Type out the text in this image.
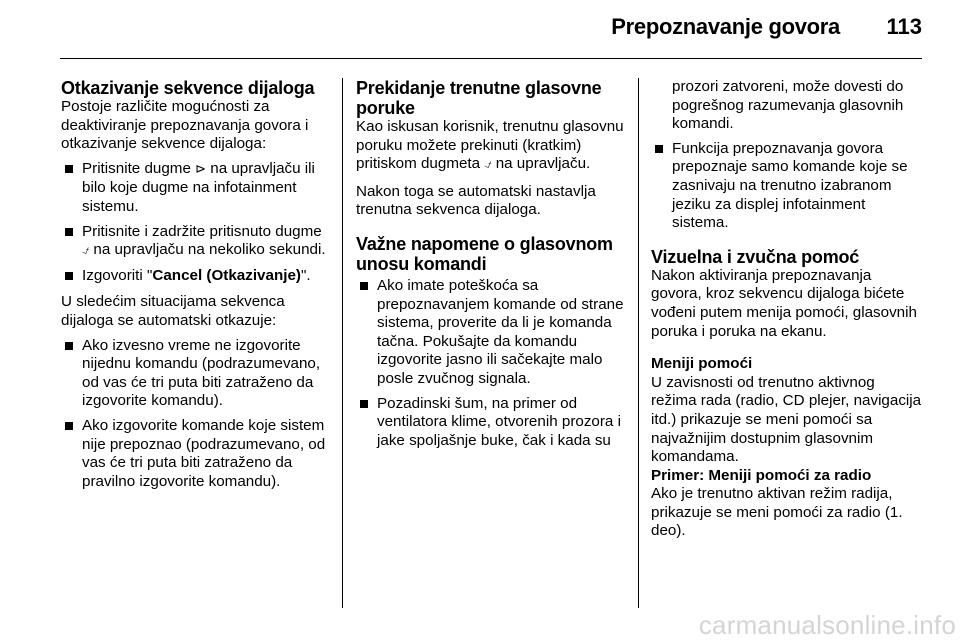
Prepoznavanje govora 113
Otkazivanje sekvence dijaloga

Postoje različite mogućnosti za deaktiviranje prepoznavanja govora i otkazivanje sekvence dijaloga:

Pritisnite dugme ⊳ na upravljaču ili bilo koje dugme na infotainment sistemu.
Pritisnite i zadržite pritisnuto dugme ⍻ na upravljaču na nekoliko sekundi.
Izgovoriti "Cancel (Otkazivanje)".

U sledećim situacijama sekvenca dijaloga se automatski otkazuje:

Ako izvesno vreme ne izgovorite nijednu komandu (podrazumevano, od vas će tri puta biti zatraženo da izgovorite komandu).
Ako izgovorite komande koje sistem nije prepoznao (podrazumevano, od vas će tri puta biti zatraženo da pravilno izgovorite komandu).
Prekidanje trenutne glasovne poruke

Kao iskusan korisnik, trenutnu glasovnu poruku možete prekinuti (kratkim) pritiskom dugmeta ⍻ na upravljaču.

Nakon toga se automatski nastavlja trenutna sekvenca dijaloga.

Važne napomene o glasovnom unosu komandi
Ako imate poteškoća sa prepoznavanjem komande od strane sistema, proverite da li je komanda tačna. Pokušajte da komandu izgovorite jasno ili sačekajte malo posle zvučnog signala.
Pozadinski šum, na primer od ventilatora klime, otvorenih prozora i jake spoljašnje buke, čak i kada su

prozori zatvoreni, može dovesti do pogrešnog razumevanja glasovnih komandi.

Funkcija prepoznavanja govora prepoznaje samo komande koje se zasnivaju na trenutno izabranom jeziku za displej infotainment sistema.
Vizuelna i zvučna pomoć

Nakon aktiviranja prepoznavanja govora, kroz sekvencu dijaloga bićete vođeni putem menija pomoći, glasovnih poruka i poruka na ekanu.

Meniji pomoći

U zavisnosti od trenutno aktivnog režima rada (radio, CD plejer, navigacija itd.) prikazuje se meni pomoći sa najvažnijim dostupnim glasovnim komandama.

Primer: Meniji pomoći za radio

Ako je trenutno aktivan režim radija, prikazuje se meni pomoći za radio (1. deo).

carmanualsonline.info
